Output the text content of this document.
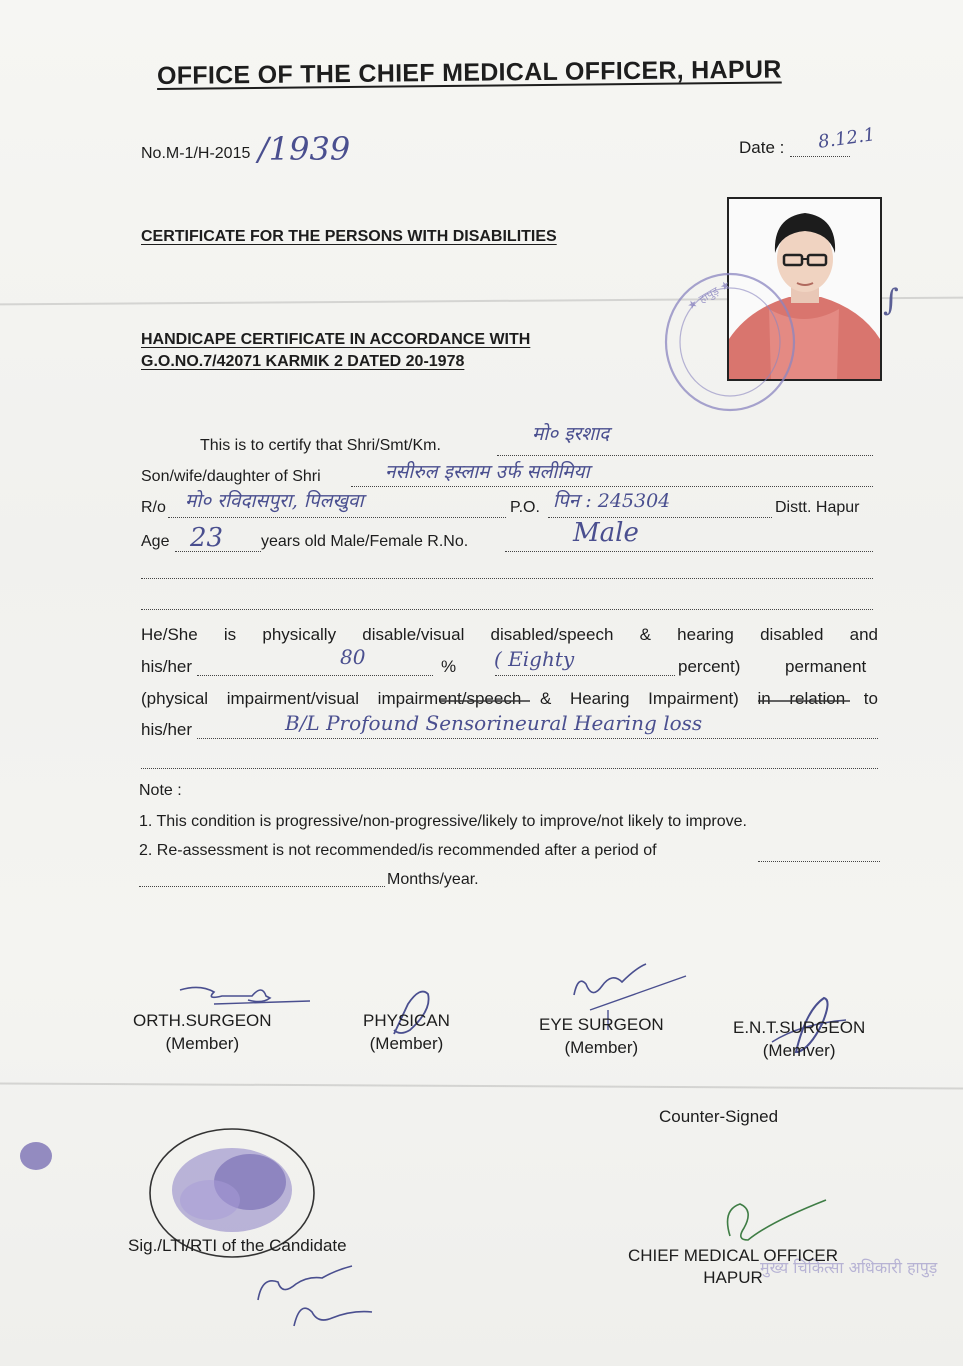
OFFICE OF THE CHIEF MEDICAL OFFICER, HAPUR
No.M-1/H-2015 /1939	Date : 8.12.1
CERTIFICATE FOR THE PERSONS WITH DISABILITIES
HANDICAPE CERTIFICATE IN ACCORDANCE WITH
G.O.NO.7/42071 KARMIK 2 DATED 20-1978
★ हापुड़ ★	∫
This is to certify that Shri/Smt/Km.
मो० इरशाद
Son/wife/daughter of Shri	नसीरुल इस्लाम उर्फ सलीमिया
R/o मो० रविदासपुरा, पिलखुवा	P.O. पिन : 245304	Distt. Hapur
Age 23 years old Male/Female R.No.	Male
He/She is physically disable/visual disabled/speech & hearing disabled and
his/her	80	% ( Eighty	percent)	permanent
(physical impairment/visual impairment/speech & Hearing Impairment) in relation to
his/her	B/L Profound Sensorineural Hearing loss
Note :
1. This condition is progressive/non-progressive/likely to improve/not likely to improve.
2. Re-assessment is not recommended/is recommended after a period of
Months/year.
ORTH.SURGEON
(Member)
PHYSICAN
(Member)
EYE SURGEON
(Member)
E.N.T.SURGEON
(Memver)
Counter-Signed
Sig./LTI/RTI of the Candidate
मुख्य चिकित्सा अधिकारी हापुड़
CHIEF MEDICAL OFFICER
HAPUR
